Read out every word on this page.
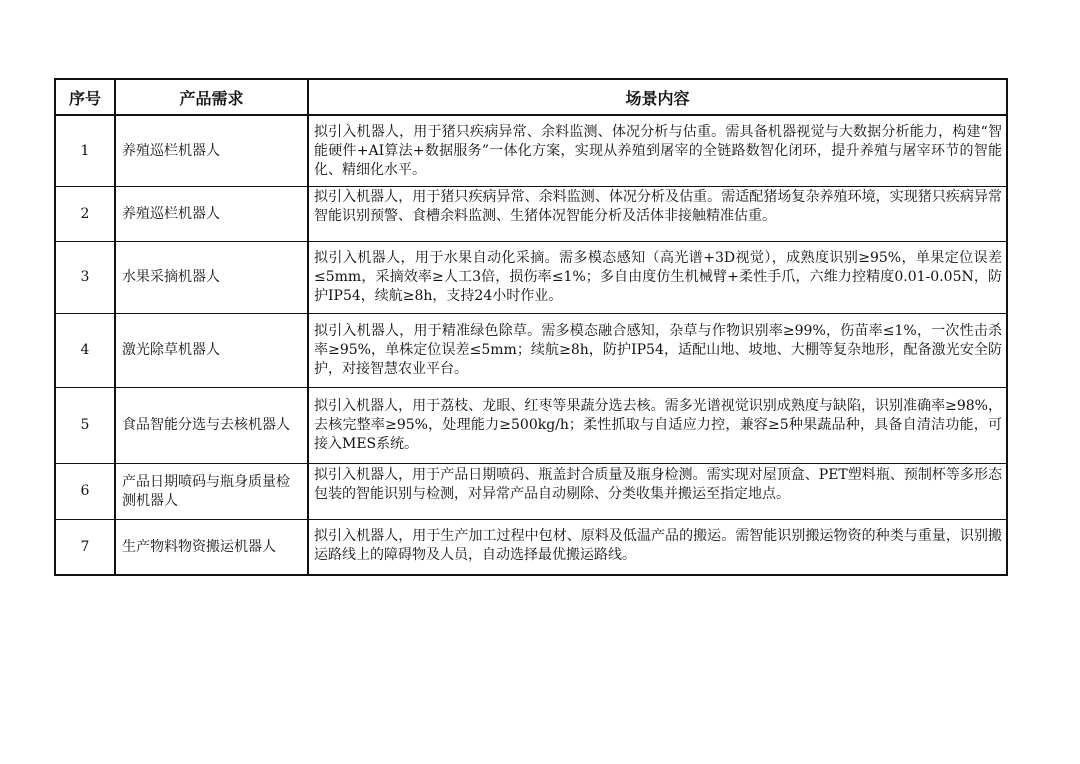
序号	产品需求	场景内容
1	养殖巡栏机器人	拟引入机器人，用于猪只疾病异常、余料监测、体况分析与估重。需具备机器视觉与大数据分析能力，构建“智能硬件+AI算法+数据服务”一体化方案，实现从养殖到屠宰的全链路数智化闭环，提升养殖与屠宰环节的智能化、精细化水平。

2	养殖巡栏机器人	拟引入机器人，用于猪只疾病异常、余料监测、体况分析及估重。需适配猪场复杂养殖环境，实现猪只疾病异常智能识别预警、食槽余料监测、生猪体况智能分析及活体非接触精准估重。

3	水果采摘机器人	拟引入机器人，用于水果自动化采摘。需多模态感知（高光谱+3D视觉），成熟度识别≥95%，单果定位误差≤5mm，采摘效率≥人工3倍，损伤率≤1%；多自由度仿生机械臂+柔性手爪，六维力控精度0.01-0.05N，防护IP54，续航≥8h，支持24小时作业。

4	激光除草机器人	拟引入机器人，用于精准绿色除草。需多模态融合感知，杂草与作物识别率≥99%，伤苗率≤1%，一次性击杀率≥95%，单株定位误差≤5mm；续航≥8h，防护IP54，适配山地、坡地、大棚等复杂地形，配备激光安全防护，对接智慧农业平台。

5	食品智能分选与去核机器人	拟引入机器人，用于荔枝、龙眼、红枣等果蔬分选去核。需多光谱视觉识别成熟度与缺陷，识别准确率≥98%，去核完整率≥95%，处理能力≥500kg/h；柔性抓取与自适应力控，兼容≥5种果蔬品种，具备自清洁功能，可接入MES系统。

6	产品日期喷码与瓶身质量检测机器人	拟引入机器人，用于产品日期喷码、瓶盖封合质量及瓶身检测。需实现对屋顶盒、PET塑料瓶、预制杯等多形态包装的智能识别与检测，对异常产品自动剔除、分类收集并搬运至指定地点。

7	生产物料物资搬运机器人	拟引入机器人，用于生产加工过程中包材、原料及低温产品的搬运。需智能识别搬运物资的种类与重量，识别搬运路线上的障碍物及人员，自动选择最优搬运路线。
